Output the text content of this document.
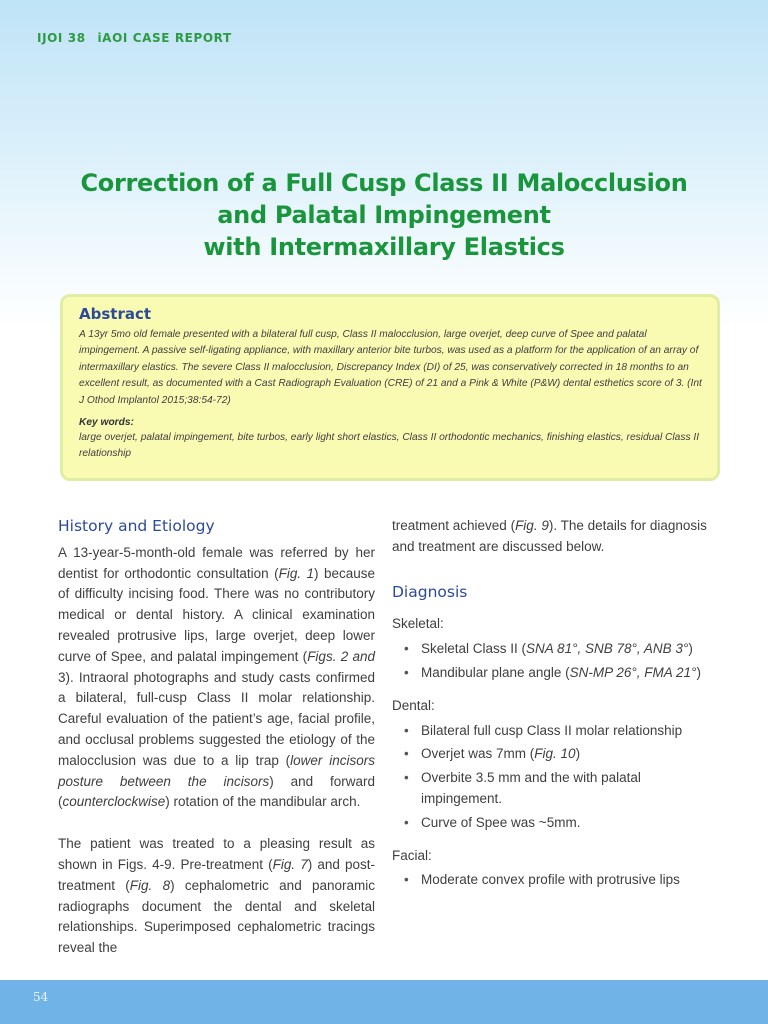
IJOI 38 iAOI CASE REPORT
Correction of a Full Cusp Class II Malocclusion
and Palatal Impingement
with Intermaxillary Elastics
Abstract

A 13yr 5mo old female presented with a bilateral full cusp, Class II malocclusion, large overjet, deep curve of Spee and palatal impingement. A passive self-ligating appliance, with maxillary anterior bite turbos, was used as a platform for the application of an array of intermaxillary elastics. The severe Class II malocclusion, Discrepancy Index (DI) of 25, was conservatively corrected in 18 months to an excellent result, as documented with a Cast Radiograph Evaluation (CRE) of 21 and a Pink & White (P&W) dental esthetics score of 3. (Int J Othod Implantol 2015;38:54-72)

Key words:
large overjet, palatal impingement, bite turbos, early light short elastics, Class II orthodontic mechanics, finishing elastics, residual Class II relationship
History and Etiology

A 13-year-5-month-old female was referred by her dentist for orthodontic consultation (Fig. 1) because of difficulty incising food. There was no contributory medical or dental history. A clinical examination revealed protrusive lips, large overjet, deep lower curve of Spee, and palatal impingement (Figs. 2 and 3). Intraoral photographs and study casts confirmed a bilateral, full-cusp Class II molar relationship. Careful evaluation of the patient’s age, facial profile, and occlusal problems suggested the etiology of the malocclusion was due to a lip trap (lower incisors posture between the incisors) and forward (counterclockwise) rotation of the mandibular arch.

The patient was treated to a pleasing result as shown in Figs. 4-9. Pre-treatment (Fig. 7) and post-treatment (Fig. 8) cephalometric and panoramic radiographs document the dental and skeletal relationships. Superimposed cephalometric tracings reveal the

treatment achieved (Fig. 9). The details for diagnosis and treatment are discussed below.

Diagnosis
Skeletal:
• Skeletal Class II (SNA 81°, SNB 78°, ANB 3°)
• Mandibular plane angle (SN-MP 26°, FMA 21°)
Dental:
• Bilateral full cusp Class II molar relationship
• Overjet was 7mm (Fig. 10)
• Overbite 3.5 mm and the with palatal impingement.
• Curve of Spee was ~5mm.
Facial:
• Moderate convex profile with protrusive lips
54
